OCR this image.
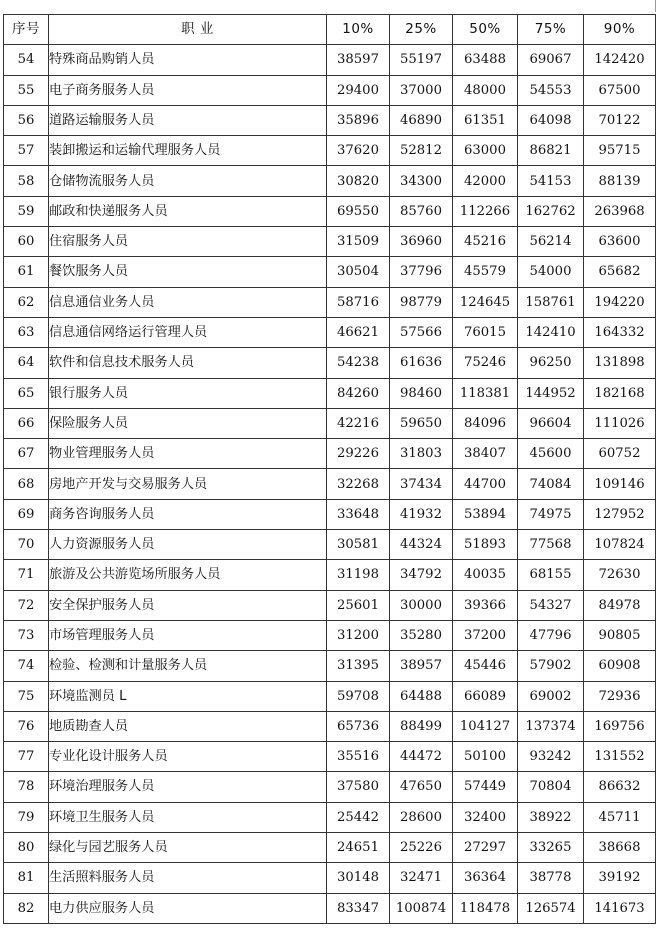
序号	职 业	10%	25%	50%	75%	90%
54	特殊商品购销人员	38597	55197	63488	69067	142420
55	电子商务服务人员	29400	37000	48000	54553	67500
56	道路运输服务人员	35896	46890	61351	64098	70122
57	装卸搬运和运输代理服务人员	37620	52812	63000	86821	95715
58	仓储物流服务人员	30820	34300	42000	54153	88139
59	邮政和快递服务人员	69550	85760	112266	162762	263968
60	住宿服务人员	31509	36960	45216	56214	63600
61	餐饮服务人员	30504	37796	45579	54000	65682
62	信息通信业务人员	58716	98779	124645	158761	194220
63	信息通信网络运行管理人员	46621	57566	76015	142410	164332
64	软件和信息技术服务人员	54238	61636	75246	96250	131898
65	银行服务人员	84260	98460	118381	144952	182168
66	保险服务人员	42216	59650	84096	96604	111026
67	物业管理服务人员	29226	31803	38407	45600	60752
68	房地产开发与交易服务人员	32268	37434	44700	74084	109146
69	商务咨询服务人员	33648	41932	53894	74975	127952
70	人力资源服务人员	30581	44324	51893	77568	107824
71	旅游及公共游览场所服务人员	31198	34792	40035	68155	72630
72	安全保护服务人员	25601	30000	39366	54327	84978
73	市场管理服务人员	31200	35280	37200	47796	90805
74	检验、检测和计量服务人员	31395	38957	45446	57902	60908
75	环境监测员 L	59708	64488	66089	69002	72936
76	地质勘查人员	65736	88499	104127	137374	169756
77	专业化设计服务人员	35516	44472	50100	93242	131552
78	环境治理服务人员	37580	47650	57449	70804	86632
79	环境卫生服务人员	25442	28600	32400	38922	45711
80	绿化与园艺服务人员	24651	25226	27297	33265	38668
81	生活照料服务人员	30148	32471	36364	38778	39192
82	电力供应服务人员	83347	100874	118478	126574	141673
